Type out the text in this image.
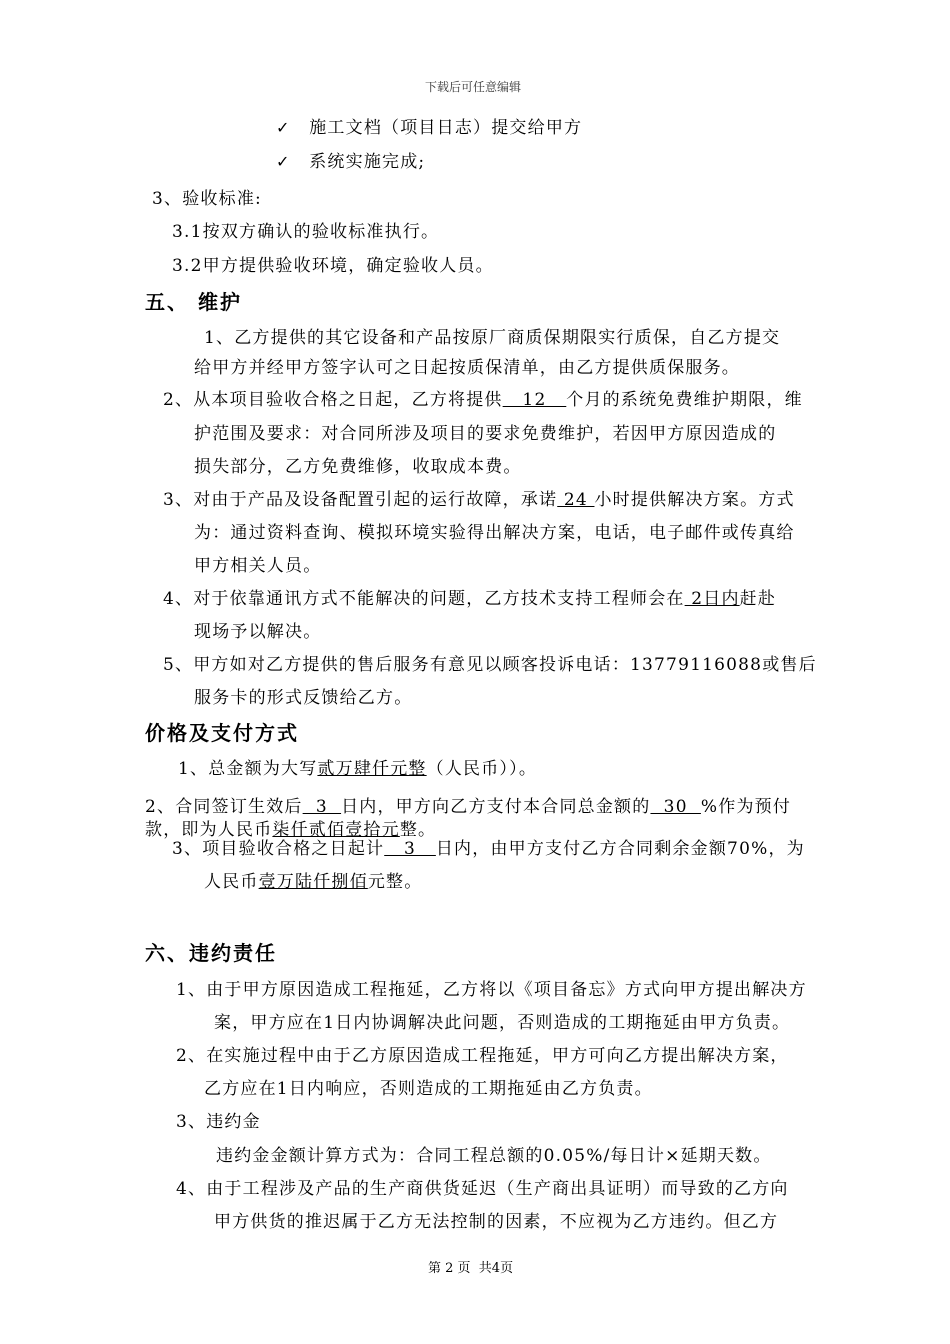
下载后可任意编辑
✓ 施工文档（项目日志）提交给甲方
✓ 系统实施完成;
3、验收标准:
3.1按双方确认的验收标准执行。
3.2甲方提供验收环境，确定验收人员。
五、 维护
1、乙方提供的其它设备和产品按原厂商质保期限实行质保，自乙方提交
给甲方并经甲方签字认可之日起按质保清单，由乙方提供质保服务。
2、从本项目验收合格之日起，乙方将提供   12   个月的系统免费维护期限，维
护范围及要求：对合同所涉及项目的要求免费维护，若因甲方原因造成的
损失部分，乙方免费维修，收取成本费。
3、对由于产品及设备配置引起的运行故障，承诺 24 小时提供解决方案。方式
为：通过资料查询、模拟环境实验得出解决方案，电话，电子邮件或传真给
甲方相关人员。
4、对于依靠通讯方式不能解决的问题，乙方技术支持工程师会在 2日内赶赴
现场予以解决。
5、甲方如对乙方提供的售后服务有意见以顾客投诉电话：13779116088或售后
服务卡的形式反馈给乙方。
价格及支付方式
1、总金额为大写贰万肆仟元整（人民币））。
2、合同签订生效后  3  日内，甲方向乙方支付本合同总金额的  30  %作为预付
款，即为人民币柒仟贰佰壹拾元整。
3、项目验收合格之日起计   3   日内，由甲方支付乙方合同剩余金额70%，为
人民币壹万陆仟捌佰元整。
六、违约责任
1、由于甲方原因造成工程拖延，乙方将以《项目备忘》方式向甲方提出解决方
案，甲方应在1日内协调解决此问题，否则造成的工期拖延由甲方负责。
2、在实施过程中由于乙方原因造成工程拖延，甲方可向乙方提出解决方案，
乙方应在1日内响应，否则造成的工期拖延由乙方负责。
3、违约金
违约金金额计算方式为：合同工程总额的0.05%/每日计×延期天数。
4、由于工程涉及产品的生产商供货延迟（生产商出具证明）而导致的乙方向
甲方供货的推迟属于乙方无法控制的因素，不应视为乙方违约。但乙方
第 2 页  共4页
